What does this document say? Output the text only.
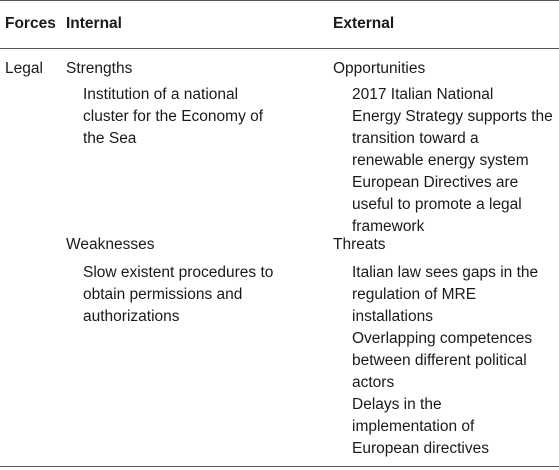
Forces Internal	External
Legal Strengths
Institution of a national
cluster for the Economy of
the Sea
Opportunities
2017 Italian National
Energy Strategy supports the
transition toward a
renewable energy system
European Directives are
useful to promote a legal
framework
Weaknesses
Slow existent procedures to
obtain permissions and
authorizations
Threats
Italian law sees gaps in the
regulation of MRE
installations
Overlapping competences
between different political
actors
Delays in the
implementation of
European directives
